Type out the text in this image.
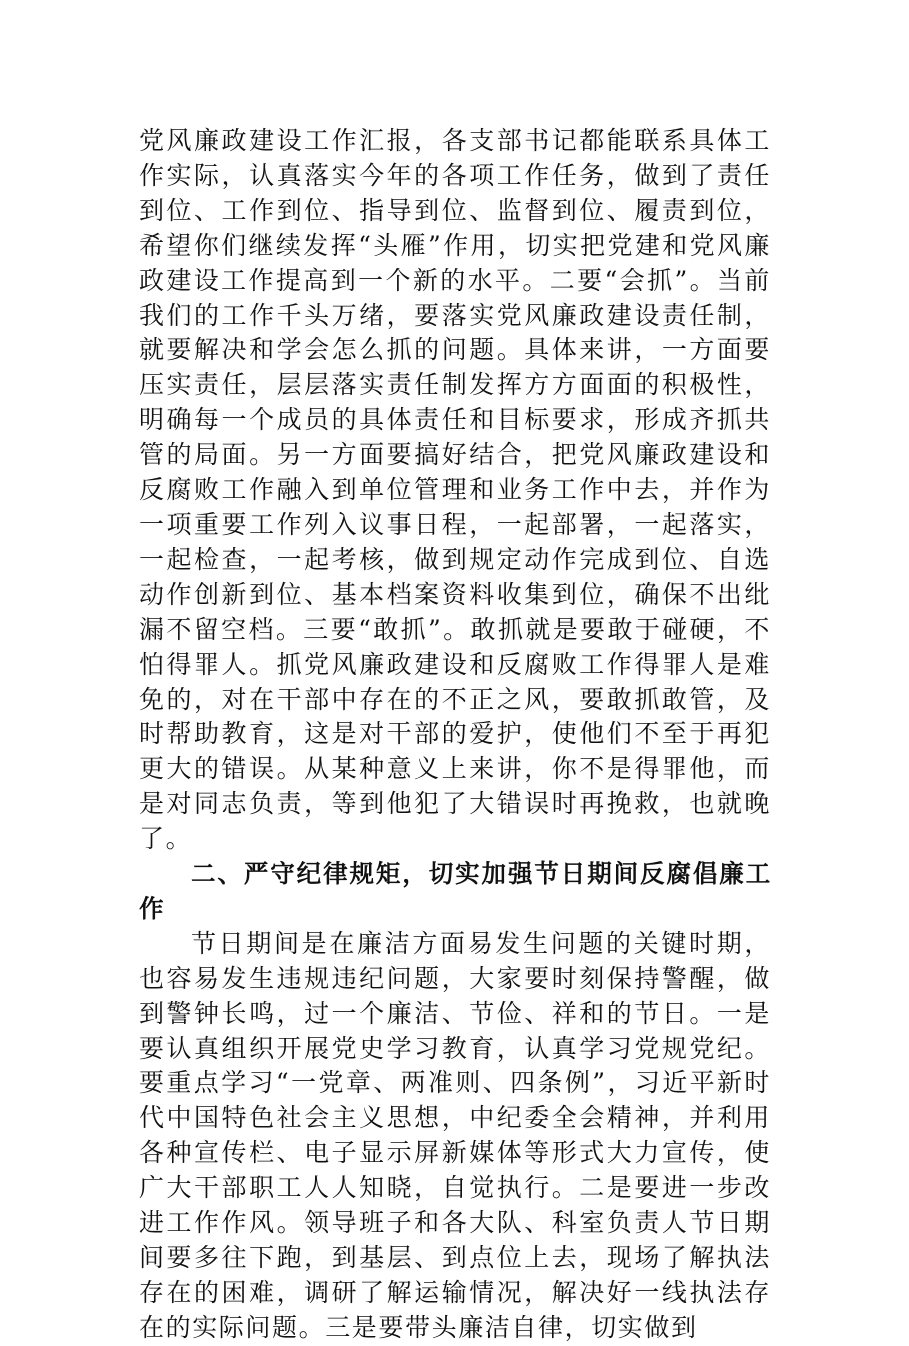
党风廉政建设工作汇报，各支部书记都能联系具体工作实际，认真落实今年的各项工作任务，做到了责任到位、工作到位、指导到位、监督到位、履责到位，希望你们继续发挥“头雁”作用，切实把党建和党风廉政建设工作提高到一个新的水平。二要“会抓”。当前我们的工作千头万绪，要落实党风廉政建设责任制，就要解决和学会怎么抓的问题。具体来讲，一方面要压实责任，层层落实责任制发挥方方面面的积极性，明确每一个成员的具体责任和目标要求，形成齐抓共管的局面。另一方面要搞好结合，把党风廉政建设和反腐败工作融入到单位管理和业务工作中去，并作为一项重要工作列入议事日程，一起部署，一起落实，一起检查，一起考核，做到规定动作完成到位、自选动作创新到位、基本档案资料收集到位，确保不出纰漏不留空档。三要“敢抓”。敢抓就是要敢于碰硬，不怕得罪人。抓党风廉政建设和反腐败工作得罪人是难免的，对在干部中存在的不正之风，要敢抓敢管，及时帮助教育，这是对干部的爱护，使他们不至于再犯更大的错误。从某种意义上来讲，你不是得罪他，而是对同志负责，等到他犯了大错误时再挽救，也就晚了。

二、严守纪律规矩，切实加强节日期间反腐倡廉工作

节日期间是在廉洁方面易发生问题的关键时期，也容易发生违规违纪问题，大家要时刻保持警醒，做到警钟长鸣，过一个廉洁、节俭、祥和的节日。一是要认真组织开展党史学习教育，认真学习党规党纪。要重点学习“一党章、两准则、四条例”，习近平新时代中国特色社会主义思想，中纪委全会精神，并利用各种宣传栏、电子显示屏新媒体等形式大力宣传，使广大干部职工人人知晓，自觉执行。二是要进一步改进工作作风。领导班子和各大队、科室负责人节日期间要多往下跑，到基层、到点位上去，现场了解执法存在的困难，调研了解运输情况，解决好一线执法存在的实际问题。三是要带头廉洁自律，切实做到
